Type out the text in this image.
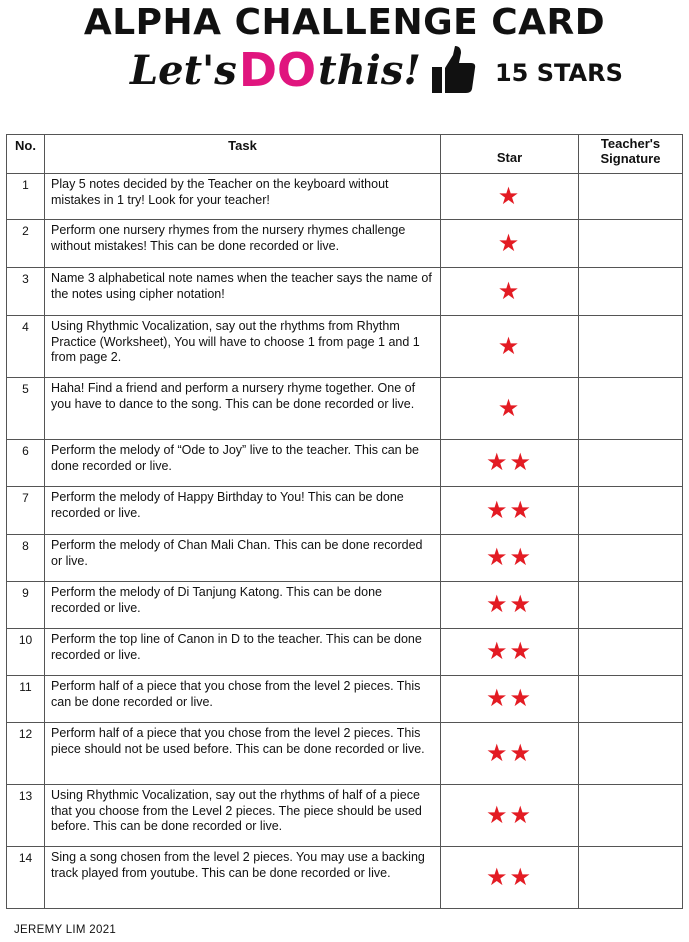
ALPHA CHALLENGE CARD
Let's DO this!	15 STARS
No.	Task	Star	Teacher's Signature
1	Play 5 notes decided by the Teacher on the keyboard without mistakes in 1 try! Look for your teacher!	★	
2	Perform one nursery rhymes from the nursery rhymes challenge without mistakes! This can be done recorded or live.	★	
3	Name 3 alphabetical note names when the teacher says the name of the notes using cipher notation!	★	
4	Using Rhythmic Vocalization, say out the rhythms from Rhythm Practice (Worksheet), You will have to choose 1 from page 1 and 1 from page 2.	★	
5	Haha! Find a friend and perform a nursery rhyme together. One of you have to dance to the song. This can be done recorded or live.	★	
6	Perform the melody of “Ode to Joy” live to the teacher. This can be done recorded or live.	★★	
7	Perform the melody of Happy Birthday to You! This can be done recorded or live.	★★	
8	Perform the melody of Chan Mali Chan. This can be done recorded or live.	★★	
9	Perform the melody of Di Tanjung Katong. This can be done recorded or live.	★★	
10	Perform the top line of Canon in D to the teacher. This can be done recorded or live.	★★	
11	Perform half of a piece that you chose from the level 2 pieces. This can be done recorded or live.	★★	
12	Perform half of a piece that you chose from the level 2 pieces. This piece should not be used before. This can be done recorded or live.	★★	
13	Using Rhythmic Vocalization, say out the rhythms of half of a piece that you choose from the Level 2 pieces. The piece should be used before. This can be done recorded or live.	★★	
14	Sing a song chosen from the level 2 pieces. You may use a backing track played from youtube. This can be done recorded or live.	★★	
JEREMY LIM 2021
